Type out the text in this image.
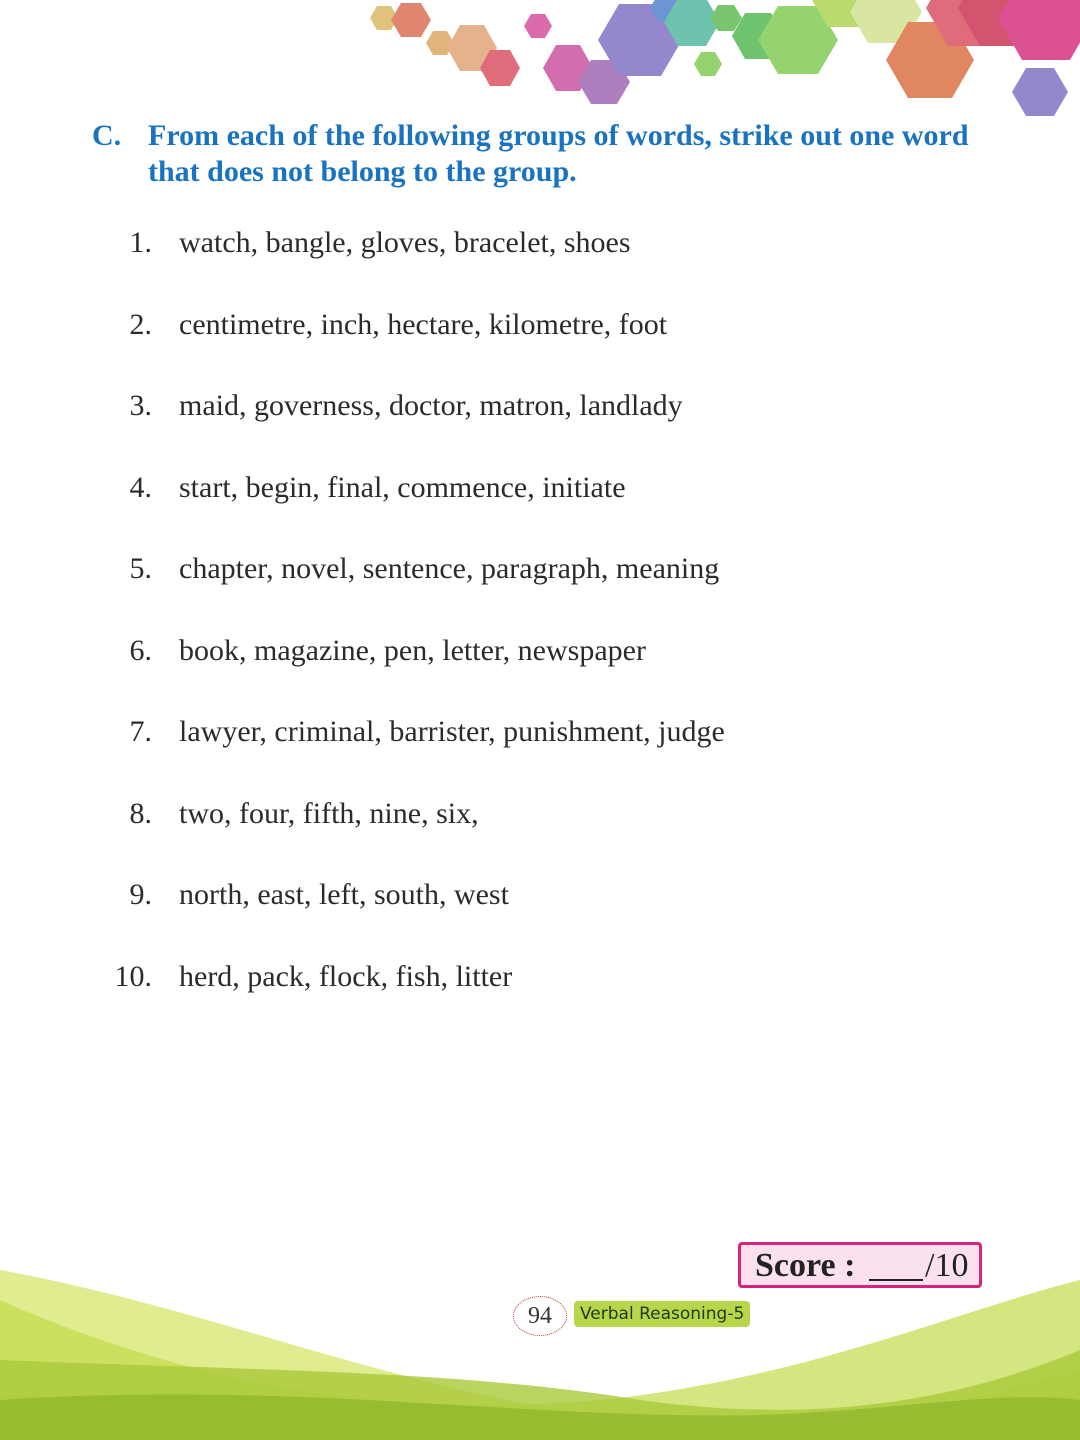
C. From each of the following groups of words, strike out one word that does not belong to the group.
1. watch, bangle, gloves, bracelet, shoes
2. centimetre, inch, hectare, kilometre, foot
3. maid, governess, doctor, matron, landlady
4. start, begin, final, commence, initiate
5. chapter, novel, sentence, paragraph, meaning
6. book, magazine, pen, letter, newspaper
7. lawyer, criminal, barrister, punishment, judge
8. two, four, fifth, nine, six,
9. north, east, left, south, west
10. herd, pack, flock, fish, litter
Score : /10
94	Verbal Reasoning-5
